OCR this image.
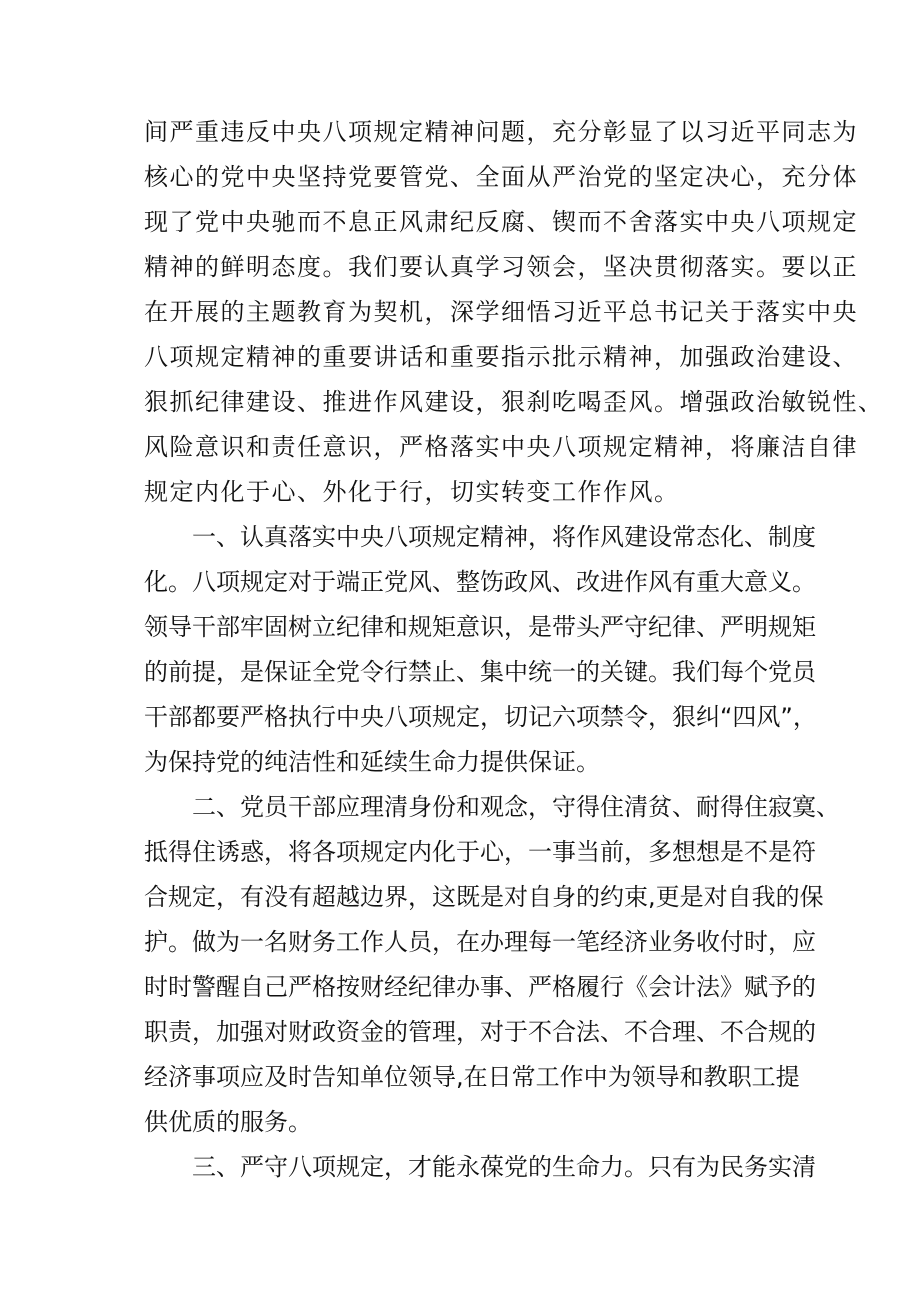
间严重违反中央八项规定精神问题，充分彰显了以习近平同志为

核心的党中央坚持党要管党、全面从严治党的坚定决心，充分体

现了党中央驰而不息正风肃纪反腐、锲而不舍落实中央八项规定

精神的鲜明态度。我们要认真学习领会，坚决贯彻落实。要以正

在开展的主题教育为契机，深学细悟习近平总书记关于落实中央

八项规定精神的重要讲话和重要指示批示精神，加强政治建设、

狠抓纪律建设、推进作风建设，狠刹吃喝歪风。增强政治敏锐性、

风险意识和责任意识，严格落实中央八项规定精神，将廉洁自律

规定内化于心、外化于行，切实转变工作作风。

一、认真落实中央八项规定精神，将作风建设常态化、制度

化。八项规定对于端正党风、整饬政风、改进作风有重大意义。

领导干部牢固树立纪律和规矩意识，是带头严守纪律、严明规矩

的前提，是保证全党令行禁止、集中统一的关键。我们每个党员

干部都要严格执行中央八项规定，切记六项禁令，狠纠“四风”，

为保持党的纯洁性和延续生命力提供保证。

二、党员干部应理清身份和观念，守得住清贫、耐得住寂寞、

抵得住诱惑，将各项规定内化于心，一事当前，多想想是不是符

合规定，有没有超越边界，这既是对自身的约束,更是对自我的保

护。做为一名财务工作人员，在办理每一笔经济业务收付时，应

时时警醒自己严格按财经纪律办事、严格履行《会计法》赋予的

职责，加强对财政资金的管理，对于不合法、不合理、不合规的

经济事项应及时告知单位领导,在日常工作中为领导和教职工提

供优质的服务。

三、严守八项规定，才能永葆党的生命力。只有为民务实清
